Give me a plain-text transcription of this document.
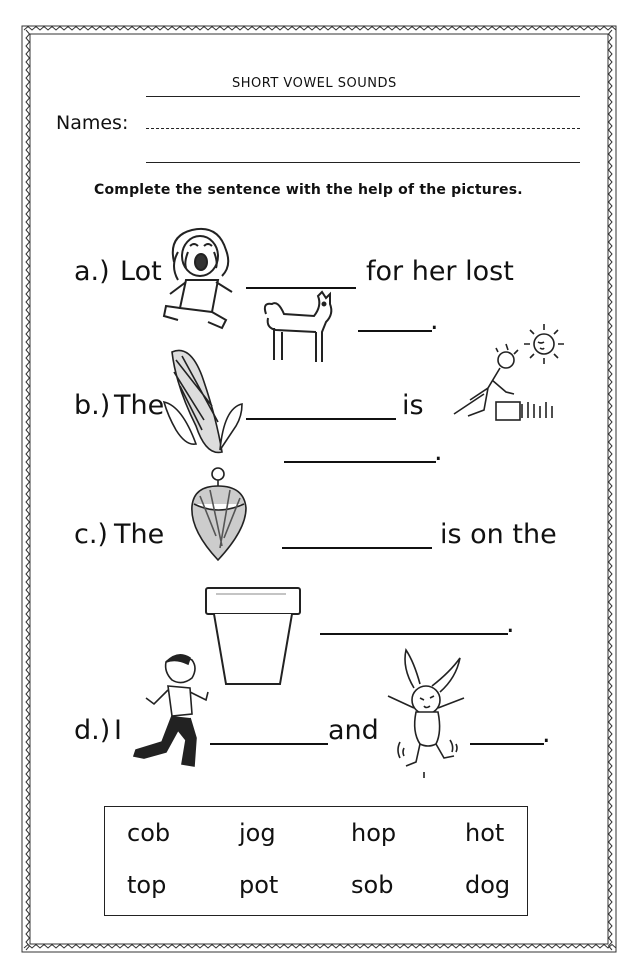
SHORT VOWEL SOUNDS
Names:
Complete the sentence with the help of the pictures.
a.) Lot	for her lost
.
b.) The	is
.
c.) The	is on the
.
d.) I	and	.
cob	jog	hop	hot
top	pot	sob	dog
